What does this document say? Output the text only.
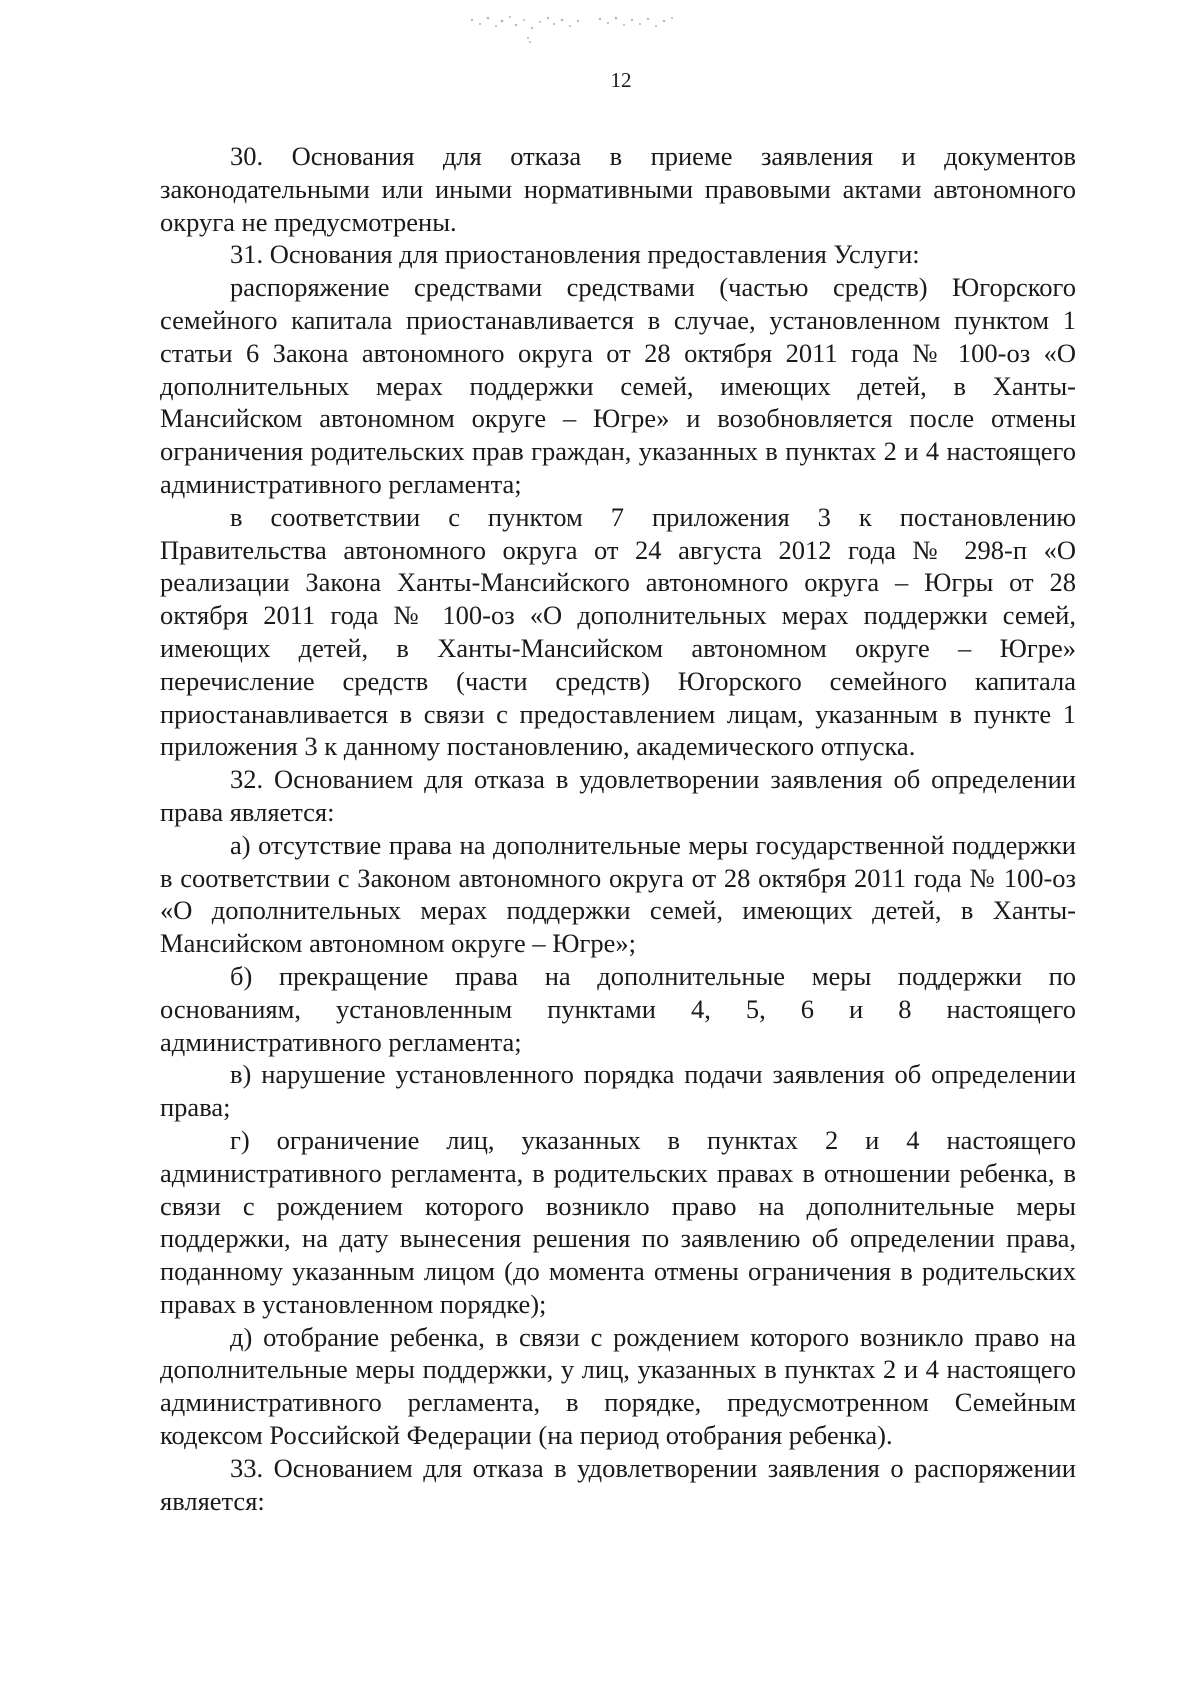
12

30. Основания для отказа в приеме заявления и документов законодательными или иными нормативными правовыми актами автономного округа не предусмотрены.

31. Основания для приостановления предоставления Услуги:

распоряжение средствами средствами (частью средств) Югорского семейного капитала приостанавливается в случае, установленном пунктом 1 статьи 6 Закона автономного округа от 28 октября 2011 года № 100-оз «О дополнительных мерах поддержки семей, имеющих детей, в Ханты-Мансийском автономном округе – Югре» и возобновляется после отмены ограничения родительских прав граждан, указанных в пунктах 2 и 4 настоящего административного регламента;

в соответствии с пунктом 7 приложения 3 к постановлению Правительства автономного округа от 24 августа 2012 года № 298-п «О реализации Закона Ханты-Мансийского автономного округа – Югры от 28 октября 2011 года № 100-оз «О дополнительных мерах поддержки семей, имеющих детей, в Ханты-Мансийском автономном округе – Югре» перечисление средств (части средств) Югорского семейного капитала приостанавливается в связи с предоставлением лицам, указанным в пункте 1 приложения 3 к данному постановлению, академического отпуска.

32. Основанием для отказа в удовлетворении заявления об определении права является:

а) отсутствие права на дополнительные меры государственной поддержки в соответствии с Законом автономного округа от 28 октября 2011 года № 100-оз «О дополнительных мерах поддержки семей, имеющих детей, в Ханты-Мансийском автономном округе – Югре»;

б) прекращение права на дополнительные меры поддержки по основаниям, установленным пунктами 4, 5, 6 и 8 настоящего административного регламента;

в) нарушение установленного порядка подачи заявления об определении права;

г) ограничение лиц, указанных в пунктах 2 и 4 настоящего административного регламента, в родительских правах в отношении ребенка, в связи с рождением которого возникло право на дополнительные меры поддержки, на дату вынесения решения по заявлению об определении права, поданному указанным лицом (до момента отмены ограничения в родительских правах в установленном порядке);

д) отобрание ребенка, в связи с рождением которого возникло право на дополнительные меры поддержки, у лиц, указанных в пунктах 2 и 4 настоящего административного регламента, в порядке, предусмотренном Семейным кодексом Российской Федерации (на период отобрания ребенка).

33. Основанием для отказа в удовлетворении заявления о распоряжении является:
